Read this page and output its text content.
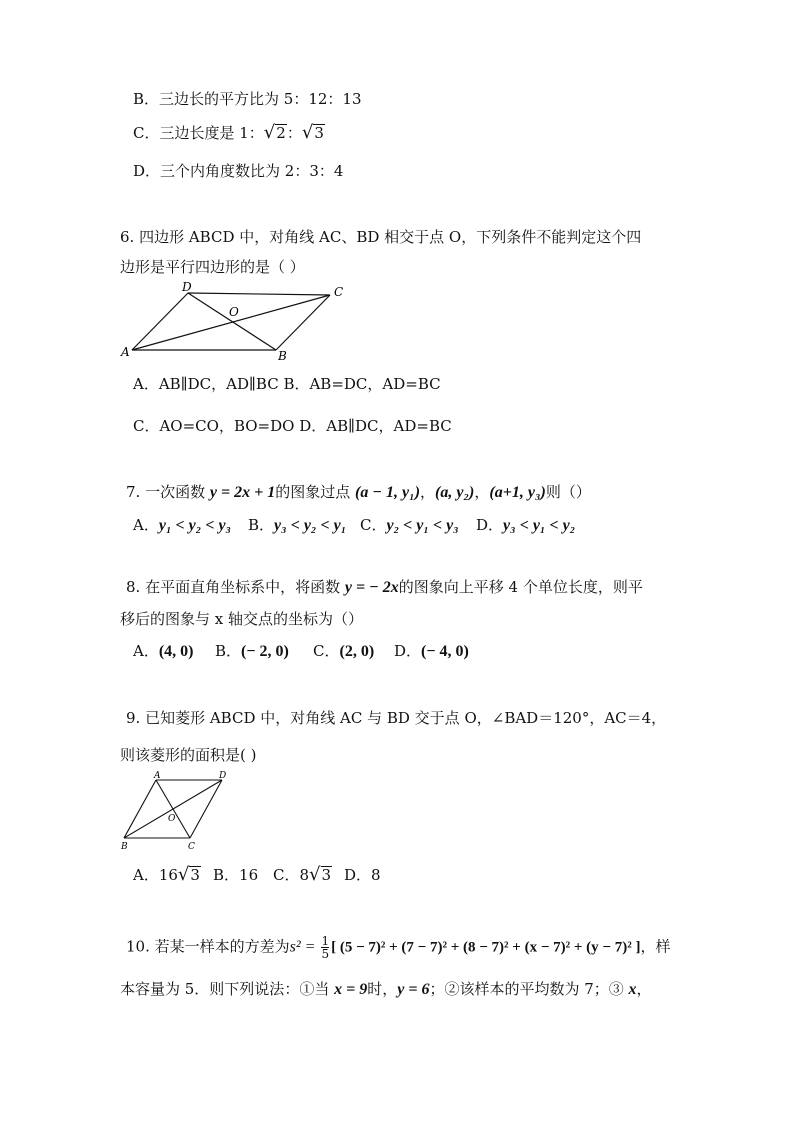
B．三边长的平方比为 5：12：13
C．三边长度是 1：√2：√3
D．三个内角度数比为 2：3：4
6. 四边形 ABCD 中，对角线 AC、BD 相交于点 O，下列条件不能判定这个四
边形是平行四边形的是（ ）
A	B
C
D
O
A．AB∥DC，AD∥BC B．AB=DC，AD=BC
C．AO=CO，BO=DO D．AB∥DC，AD=BC
7. 一次函数 y = 2x + 1的图象过点 (a − 1, y₁)，(a, y₂)，(a+1, y₃)则（）
A．y₁ < y₂ < y₃ B．y₃ < y₂ < y₁ C．y₂ < y₁ < y₃ D．y₃ < y₁ < y₂
8. 在平面直角坐标系中，将函数 y = − 2x的图象向上平移 4 个单位长度，则平
移后的图象与 x 轴交点的坐标为（）
A．(4, 0) B．(− 2, 0) C．(2, 0) D．(− 4, 0)
9. 已知菱形 ABCD 中，对角线 AC 与 BD 交于点 O，∠BAD＝120°，AC＝4，
则该菱形的面积是( )
A	D
B	C
O
A．16√3 B．16 C．8√3 D．8
10. 若某一样本的方差为$s^2 = \frac{1}{5}$ [ (5 − 7)² + (7 − 7)² + (8 − 7)² + (x − 7)² + (y − 7)² ]，样
本容量为 5．则下列说法：①当 x = 9时，y = 6；②该样本的平均数为 7；③ x，
